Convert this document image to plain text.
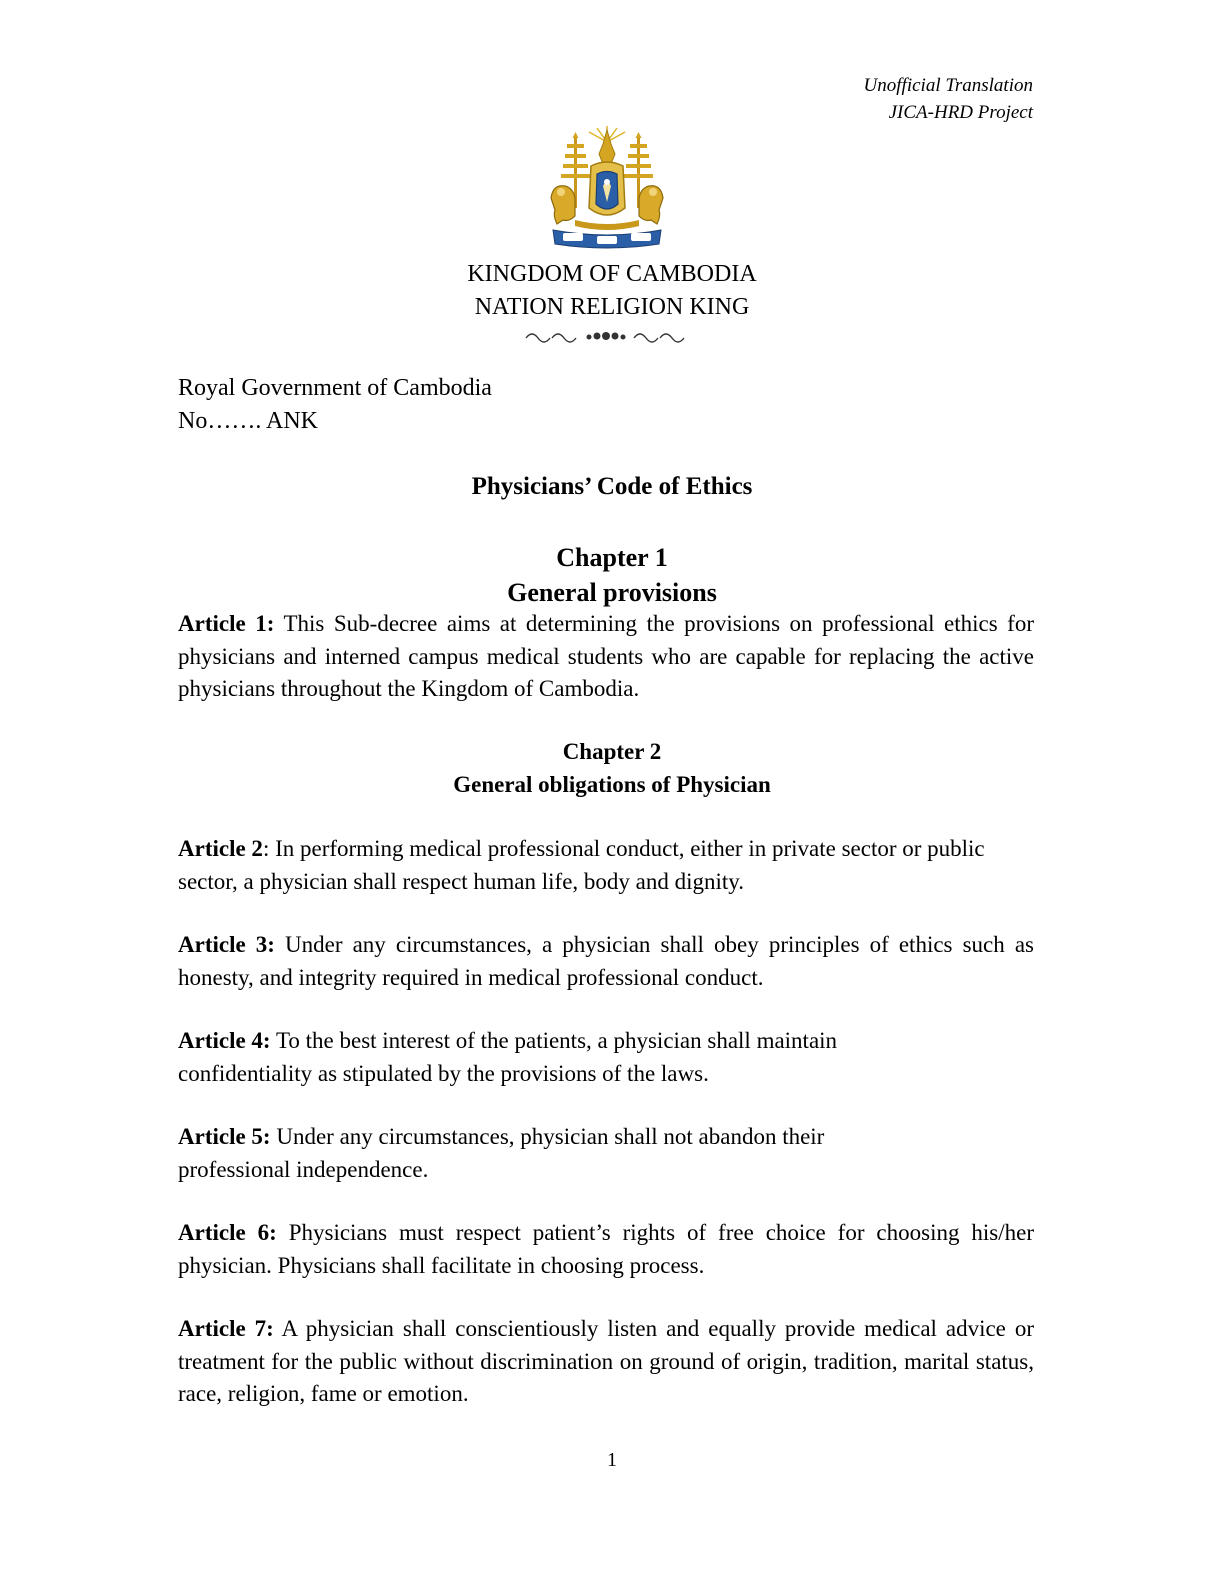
Unofficial Translation
JICA-HRD Project
KINGDOM OF CAMBODIA
NATION RELIGION KING
Royal Government of Cambodia
No……. ANK
Physicians’ Code of Ethics
Chapter 1
General provisions
Article 1: This Sub-decree aims at determining the provisions on professional ethics for physicians and interned campus medical students who are capable for replacing the active physicians throughout the Kingdom of Cambodia.
Chapter 2
General obligations of Physician
Article 2: In performing medical professional conduct, either in private sector or public sector, a physician shall respect human life, body and dignity.
Article 3: Under any circumstances, a physician shall obey principles of ethics such as honesty, and integrity required in medical professional conduct.
Article 4: To the best interest of the patients, a physician shall maintain confidentiality as stipulated by the provisions of the laws.
Article 5: Under any circumstances, physician shall not abandon their professional independence.
Article 6: Physicians must respect patient’s rights of free choice for choosing his/her physician. Physicians shall facilitate in choosing process.
Article 7: A physician shall conscientiously listen and equally provide medical advice or treatment for the public without discrimination on ground of origin, tradition, marital status, race, religion, fame or emotion.
1
